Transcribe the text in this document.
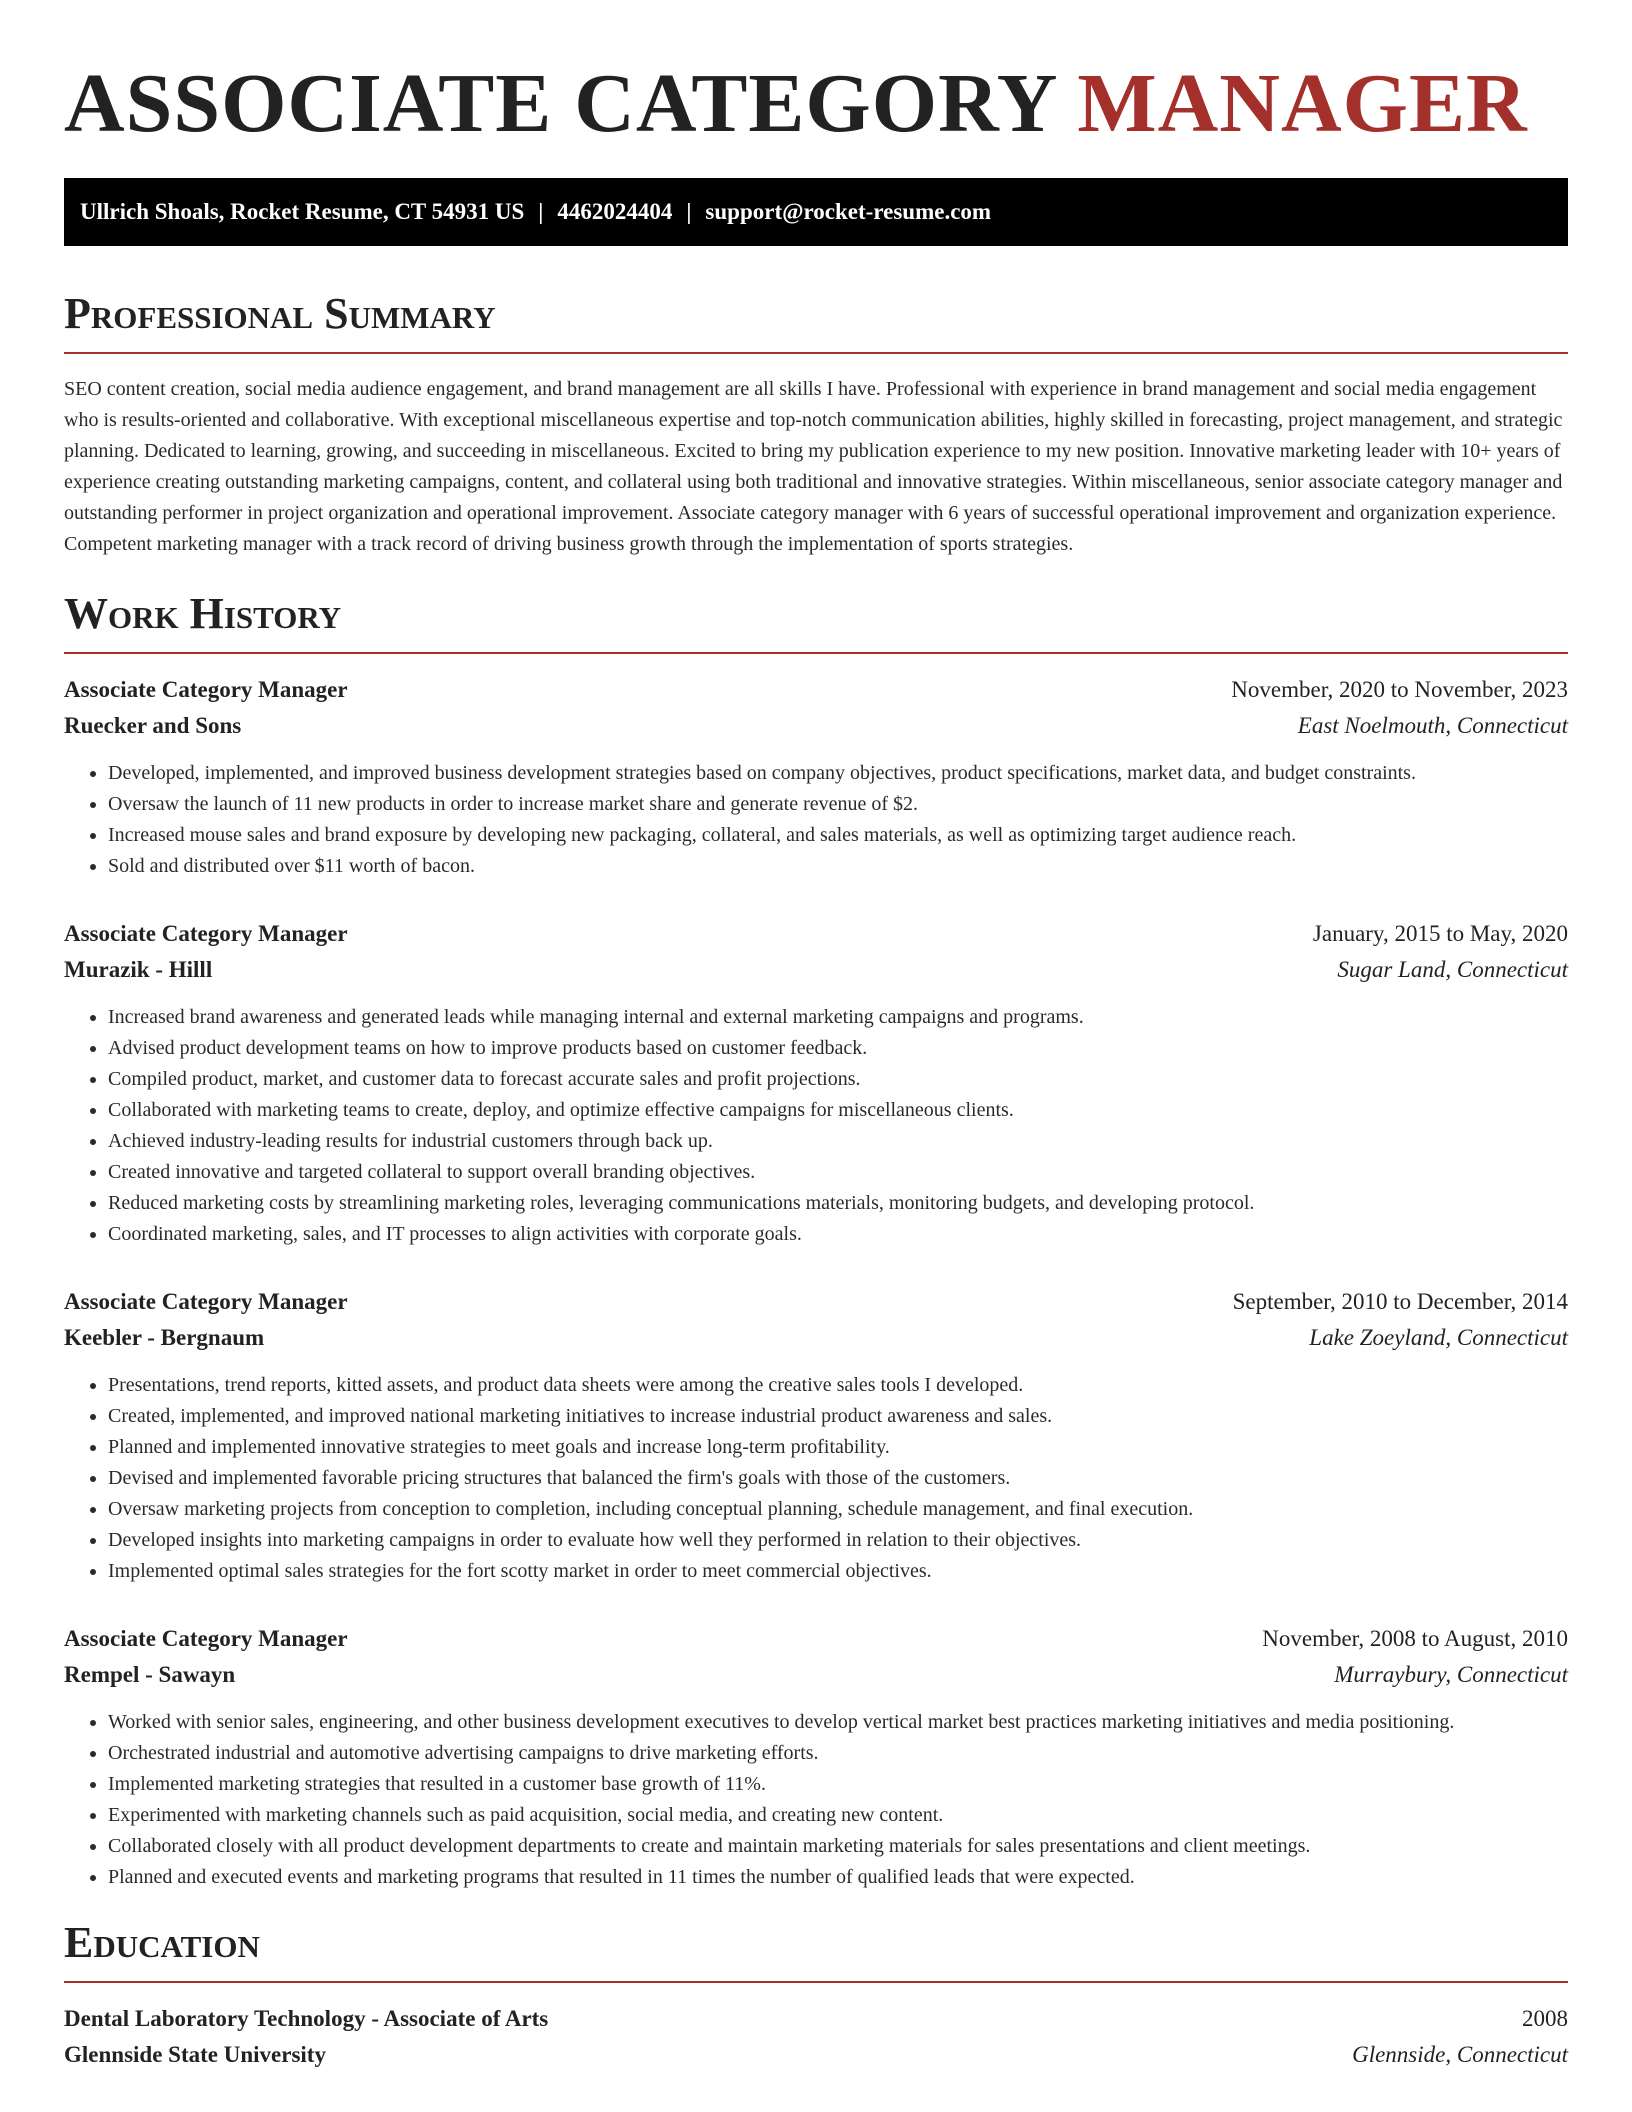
ASSOCIATE CATEGORY MANAGER
Ullrich Shoals, Rocket Resume, CT 54931 US | 4462024404 | support@rocket-resume.com
Professional Summary

SEO content creation, social media audience engagement, and brand management are all skills I have. Professional with experience in brand management and social media engagement who is results-oriented and collaborative. With exceptional miscellaneous expertise and top-notch communication abilities, highly skilled in forecasting, project management, and strategic planning. Dedicated to learning, growing, and succeeding in miscellaneous. Excited to bring my publication experience to my new position. Innovative marketing leader with 10+ years of experience creating outstanding marketing campaigns, content, and collateral using both traditional and innovative strategies. Within miscellaneous, senior associate category manager and outstanding performer in project organization and operational improvement. Associate category manager with 6 years of successful operational improvement and organization experience. Competent marketing manager with a track record of driving business growth through the implementation of sports strategies.

Work History
Associate Category Manager	November, 2020 to November, 2023
Ruecker and Sons	East Noelmouth, Connecticut
• Developed, implemented, and improved business development strategies based on company objectives, product specifications, market data, and budget constraints.
• Oversaw the launch of 11 new products in order to increase market share and generate revenue of $2.
• Increased mouse sales and brand exposure by developing new packaging, collateral, and sales materials, as well as optimizing target audience reach.
• Sold and distributed over $11 worth of bacon.
Associate Category Manager	January, 2015 to May, 2020
Murazik - Hilll	Sugar Land, Connecticut
• Increased brand awareness and generated leads while managing internal and external marketing campaigns and programs.
• Advised product development teams on how to improve products based on customer feedback.
• Compiled product, market, and customer data to forecast accurate sales and profit projections.
• Collaborated with marketing teams to create, deploy, and optimize effective campaigns for miscellaneous clients.
• Achieved industry-leading results for industrial customers through back up.
• Created innovative and targeted collateral to support overall branding objectives.
• Reduced marketing costs by streamlining marketing roles, leveraging communications materials, monitoring budgets, and developing protocol.
• Coordinated marketing, sales, and IT processes to align activities with corporate goals.
Associate Category Manager	September, 2010 to December, 2014
Keebler - Bergnaum	Lake Zoeyland, Connecticut
• Presentations, trend reports, kitted assets, and product data sheets were among the creative sales tools I developed.
• Created, implemented, and improved national marketing initiatives to increase industrial product awareness and sales.
• Planned and implemented innovative strategies to meet goals and increase long-term profitability.
• Devised and implemented favorable pricing structures that balanced the firm's goals with those of the customers.
• Oversaw marketing projects from conception to completion, including conceptual planning, schedule management, and final execution.
• Developed insights into marketing campaigns in order to evaluate how well they performed in relation to their objectives.
• Implemented optimal sales strategies for the fort scotty market in order to meet commercial objectives.
Associate Category Manager	November, 2008 to August, 2010
Rempel - Sawayn	Murraybury, Connecticut
• Worked with senior sales, engineering, and other business development executives to develop vertical market best practices marketing initiatives and media positioning.
• Orchestrated industrial and automotive advertising campaigns to drive marketing efforts.
• Implemented marketing strategies that resulted in a customer base growth of 11%.
• Experimented with marketing channels such as paid acquisition, social media, and creating new content.
• Collaborated closely with all product development departments to create and maintain marketing materials for sales presentations and client meetings.
• Planned and executed events and marketing programs that resulted in 11 times the number of qualified leads that were expected.
Education
Dental Laboratory Technology - Associate of Arts	2008
Glennside State University	Glennside, Connecticut
